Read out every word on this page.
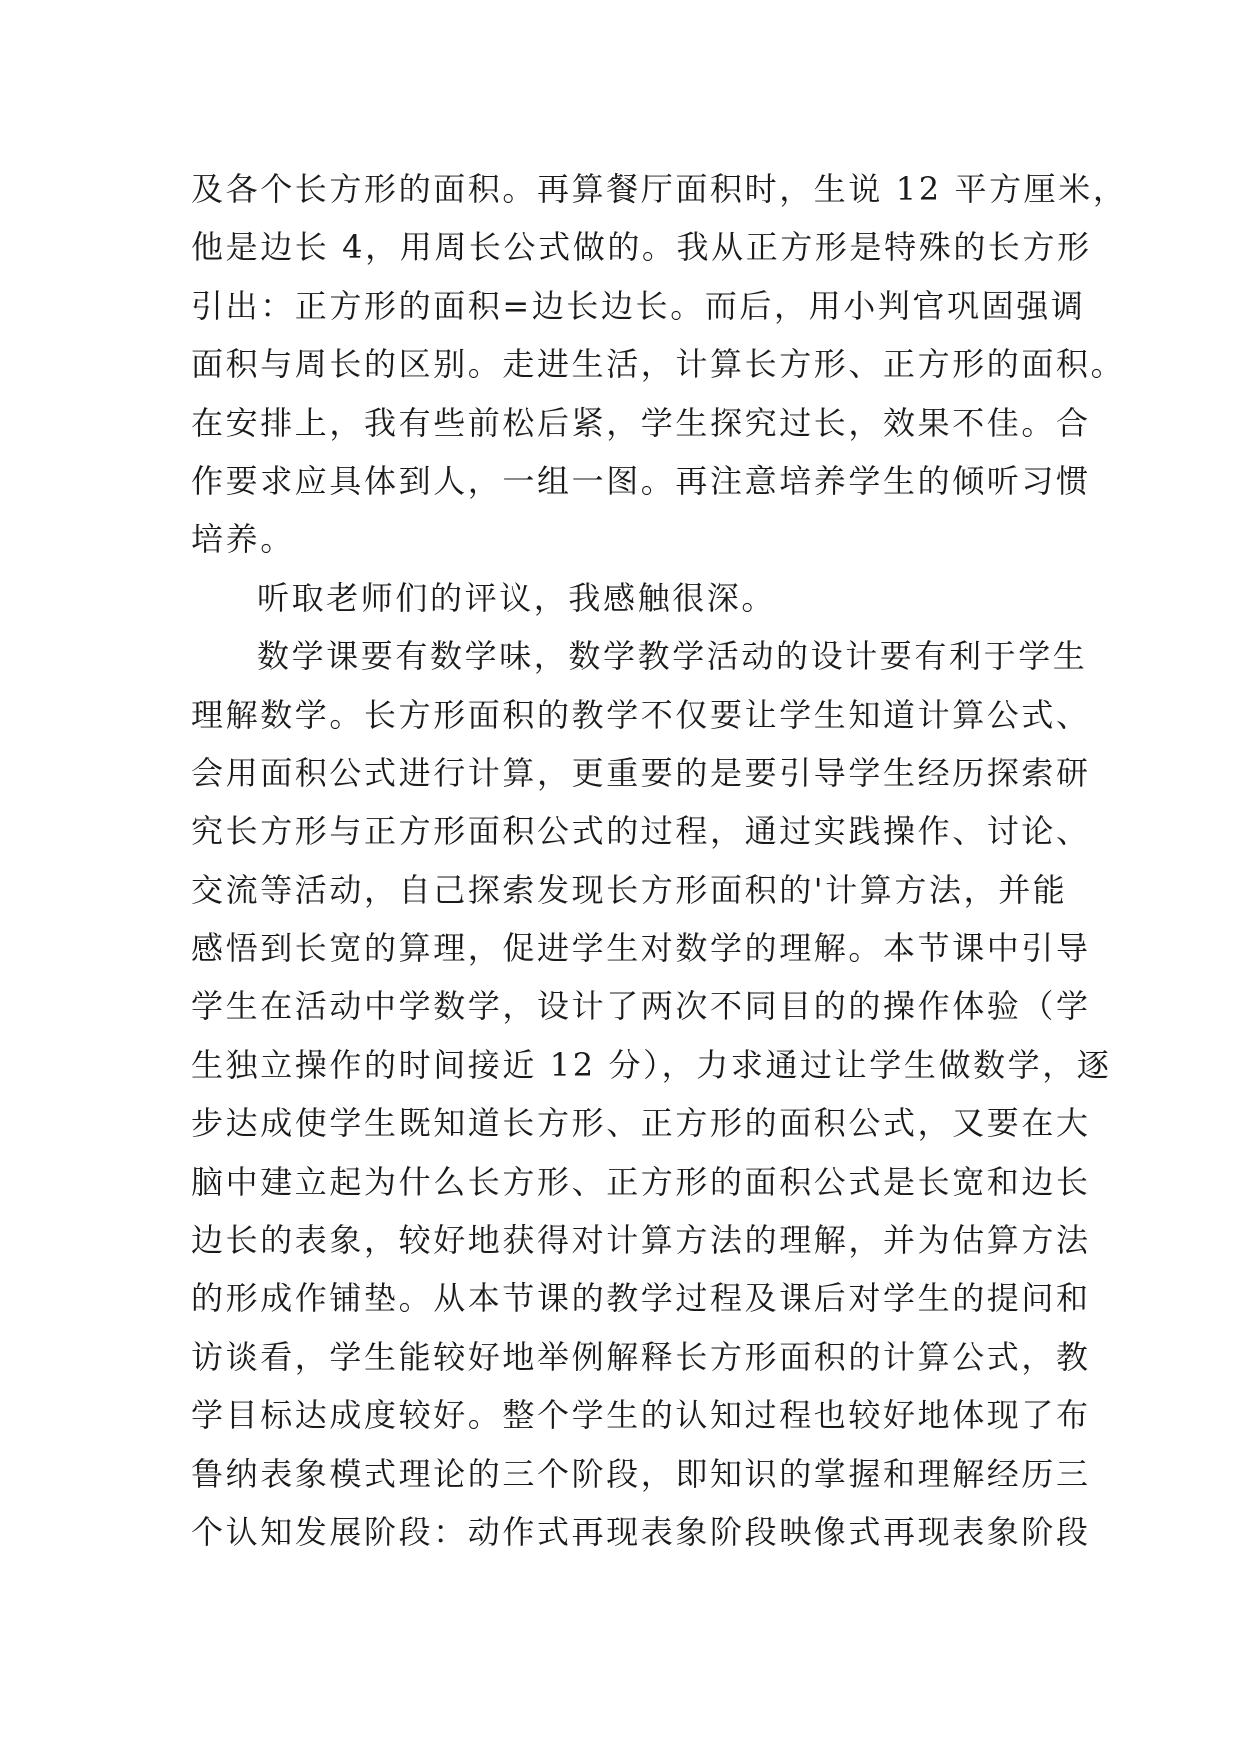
及各个长方形的面积。再算餐厅面积时，生说 12 平方厘米，
他是边长 4，用周长公式做的。我从正方形是特殊的长方形
引出：正方形的面积=边长边长。而后，用小判官巩固强调
面积与周长的区别。走进生活，计算长方形、正方形的面积。
在安排上，我有些前松后紧，学生探究过长，效果不佳。合
作要求应具体到人，一组一图。再注意培养学生的倾听习惯
培养。
听取老师们的评议，我感触很深。
数学课要有数学味，数学教学活动的设计要有利于学生
理解数学。长方形面积的教学不仅要让学生知道计算公式、
会用面积公式进行计算，更重要的是要引导学生经历探索研
究长方形与正方形面积公式的过程，通过实践操作、讨论、
交流等活动，自己探索发现长方形面积的'计算方法，并能
感悟到长宽的算理，促进学生对数学的理解。本节课中引导
学生在活动中学数学，设计了两次不同目的的操作体验（学
生独立操作的时间接近 12 分），力求通过让学生做数学，逐
步达成使学生既知道长方形、正方形的面积公式，又要在大
脑中建立起为什么长方形、正方形的面积公式是长宽和边长
边长的表象，较好地获得对计算方法的理解，并为估算方法
的形成作铺垫。从本节课的教学过程及课后对学生的提问和
访谈看，学生能较好地举例解释长方形面积的计算公式，教
学目标达成度较好。整个学生的认知过程也较好地体现了布
鲁纳表象模式理论的三个阶段，即知识的掌握和理解经历三
个认知发展阶段：动作式再现表象阶段映像式再现表象阶段
